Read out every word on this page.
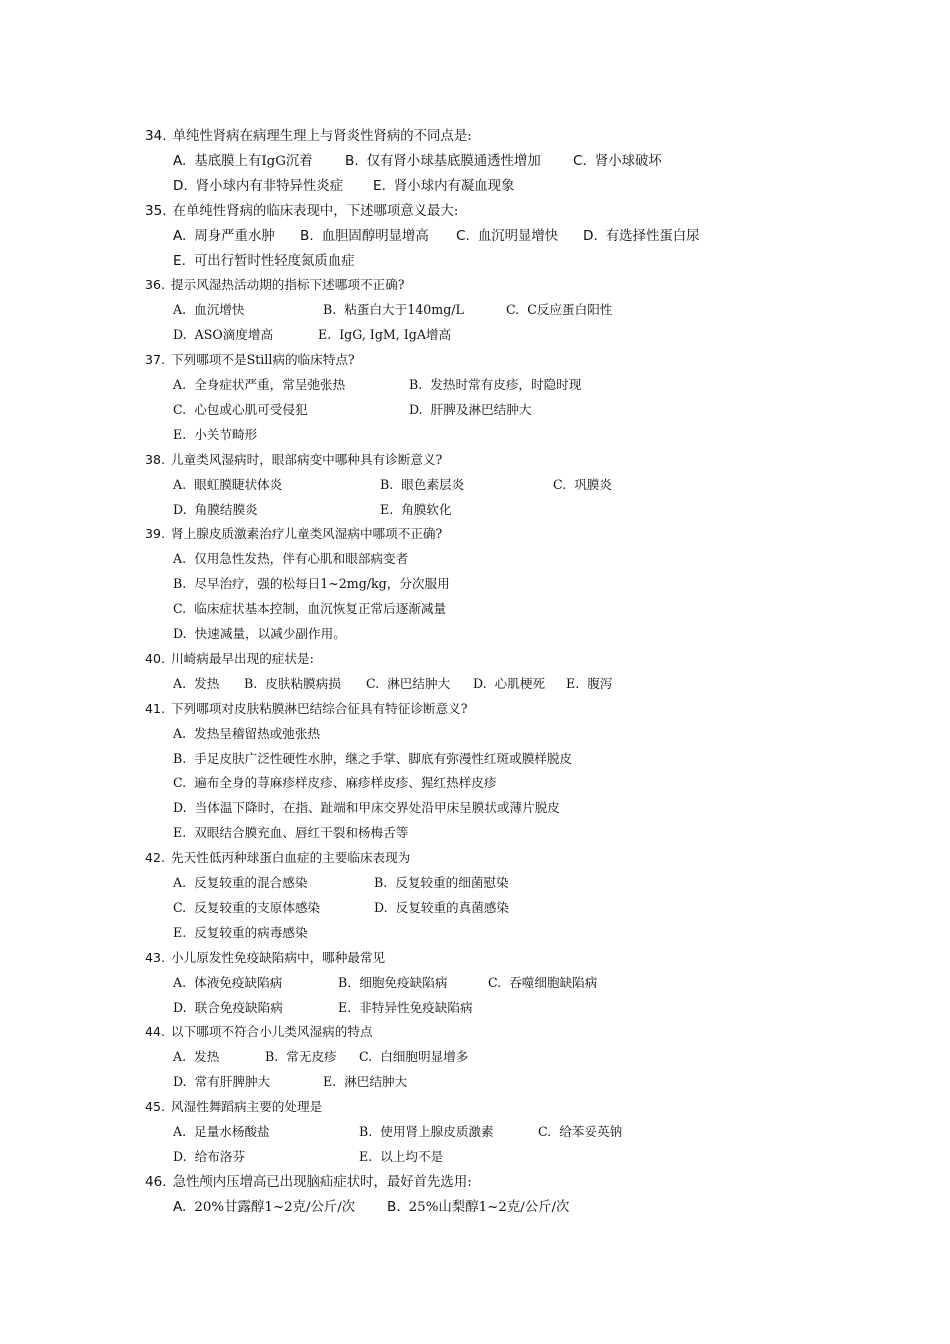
34. 单纯性肾病在病理生理上与肾炎性肾病的不同点是:
A. 基底膜上有IgG沉着 B. 仅有肾小球基底膜通透性增加 C. 肾小球破坏
D. 肾小球内有非特异性炎症 E. 肾小球内有凝血现象
35. 在单纯性肾病的临床表现中，下述哪项意义最大:
A. 周身严重水肿 B. 血胆固醇明显增高 C. 血沉明显增快 D. 有选择性蛋白尿
E. 可出行暂时性轻度氮质血症
36. 提示风湿热活动期的指标下述哪项不正确?
A. 血沉增快	B. 粘蛋白大于140mg/L	C. C反应蛋白阳性
D. ASO滴度增高	E. IgG, IgM, IgA增高
37. 下列哪项不是Still病的临床特点?
A. 全身症状严重，常呈弛张热	B. 发热时常有皮疹，时隐时现
C. 心包或心肌可受侵犯	D. 肝脾及淋巴结肿大
E. 小关节畸形
38. 儿童类风湿病时，眼部病变中哪种具有诊断意义?
A. 眼虹膜睫状体炎	B. 眼色素层炎	C. 巩膜炎
D. 角膜结膜炎	E. 角膜软化
39. 肾上腺皮质激素治疗儿童类风湿病中哪项不正确?
A. 仅用急性发热，伴有心肌和眼部病变者
B. 尽早治疗，强的松每日1~2mg/kg，分次服用
C. 临床症状基本控制，血沉恢复正常后逐渐减量
D. 快速减量，以减少副作用。
40. 川崎病最早出现的症状是:
A. 发热 B. 皮肤粘膜病损 C. 淋巴结肿大 D. 心肌梗死 E. 腹泻
41. 下列哪项对皮肤粘膜淋巴结综合征具有特征诊断意义?
A. 发热呈稽留热或弛张热
B. 手足皮肤广泛性硬性水肿，继之手掌、脚底有弥漫性红斑或膜样脱皮
C. 遍布全身的荨麻疹样皮疹、麻疹样皮疹、猩红热样皮疹
D. 当体温下降时，在指、趾端和甲床交界处沿甲床呈膜状或薄片脱皮
E. 双眼结合膜充血、唇红干裂和杨梅舌等
42. 先天性低丙种球蛋白血症的主要临床表现为
A. 反复较重的混合感染	B. 反复较重的细菌慰染
C. 反复较重的支原体感染	D. 反复较重的真菌感染
E. 反复较重的病毒感染
43. 小儿原发性免疫缺陷病中，哪种最常见
A. 体液免疫缺陷病	B. 细胞免疫缺陷病	C. 吞噬细胞缺陷病
D. 联合免疫缺陷病	E. 非特异性免疫缺陷病
44. 以下哪项不符合小儿类风湿病的特点
A. 发热	B. 常无皮疹 C. 白细胞明显增多
D. 常有肝脾肿大	E. 淋巴结肿大
45. 风湿性舞蹈病主要的处理是
A. 足量水杨酸盐	B. 使用肾上腺皮质激素	C. 给苯妥英钠
D. 给布洛芬	E. 以上均不是
46. 急性颅内压增高已出现脑疝症状时，最好首先选用:
A. 20%甘露醇1~2克/公斤/次 B. 25%山梨醇1~2克/公斤/次
